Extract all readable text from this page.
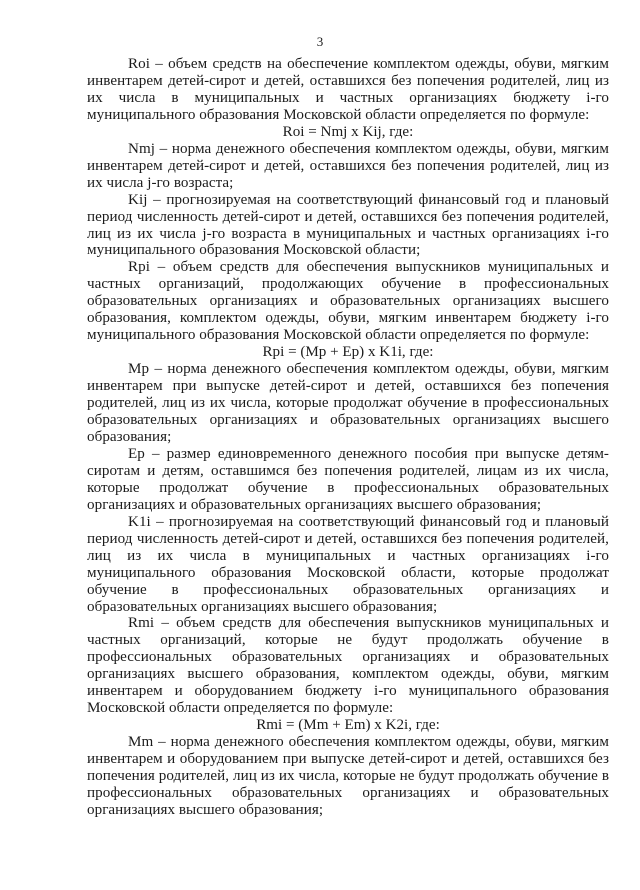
3

Roi – объем средств на обеспечение комплектом одежды, обуви, мягким инвентарем детей-сирот и детей, оставшихся без попечения родителей, лиц из их числа в муниципальных и частных организациях бюджету i-го муниципального образования Московской области определяется по формуле:

Roi = Nmj x Kij, где:

Nmj – норма денежного обеспечения комплектом одежды, обуви, мягким инвентарем детей-сирот и детей, оставшихся без попечения родителей, лиц из их числа j-го возраста;

Kij – прогнозируемая на соответствующий финансовый год и плановый период численность детей-сирот и детей, оставшихся без попечения родителей, лиц из их числа j-го возраста в муниципальных и частных организациях i-го муниципального образования Московской области;

Rpi – объем средств для обеспечения выпускников муниципальных и частных организаций, продолжающих обучение в профессиональных образовательных организациях и образовательных организациях высшего образования, комплектом одежды, обуви, мягким инвентарем бюджету i-го муниципального образования Московской области определяется по формуле:

Rpi = (Mp + Ep) x K1i, где:

Mp – норма денежного обеспечения комплектом одежды, обуви, мягким инвентарем при выпуске детей-сирот и детей, оставшихся без попечения родителей, лиц из их числа, которые продолжат обучение в профессиональных образовательных организациях и образовательных организациях высшего образования;

Ep – размер единовременного денежного пособия при выпуске детям-сиротам и детям, оставшимся без попечения родителей, лицам из их числа, которые продолжат обучение в профессиональных образовательных организациях и образовательных организациях высшего образования;

K1i – прогнозируемая на соответствующий финансовый год и плановый период численность детей-сирот и детей, оставшихся без попечения родителей, лиц из их числа в муниципальных и частных организациях i-го муниципального образования Московской области, которые продолжат обучение в профессиональных образовательных организациях и образовательных организациях высшего образования;

Rmi – объем средств для обеспечения выпускников муниципальных и частных организаций, которые не будут продолжать обучение в профессиональных образовательных организациях и образовательных организациях высшего образования, комплектом одежды, обуви, мягким инвентарем и оборудованием бюджету i-го муниципального образования Московской области определяется по формуле:

Rmi = (Mm + Em) x K2i, где:

Mm – норма денежного обеспечения комплектом одежды, обуви, мягким инвентарем и оборудованием при выпуске детей-сирот и детей, оставшихся без попечения родителей, лиц из их числа, которые не будут продолжать обучение в профессиональных образовательных организациях и образовательных организациях высшего образования;
